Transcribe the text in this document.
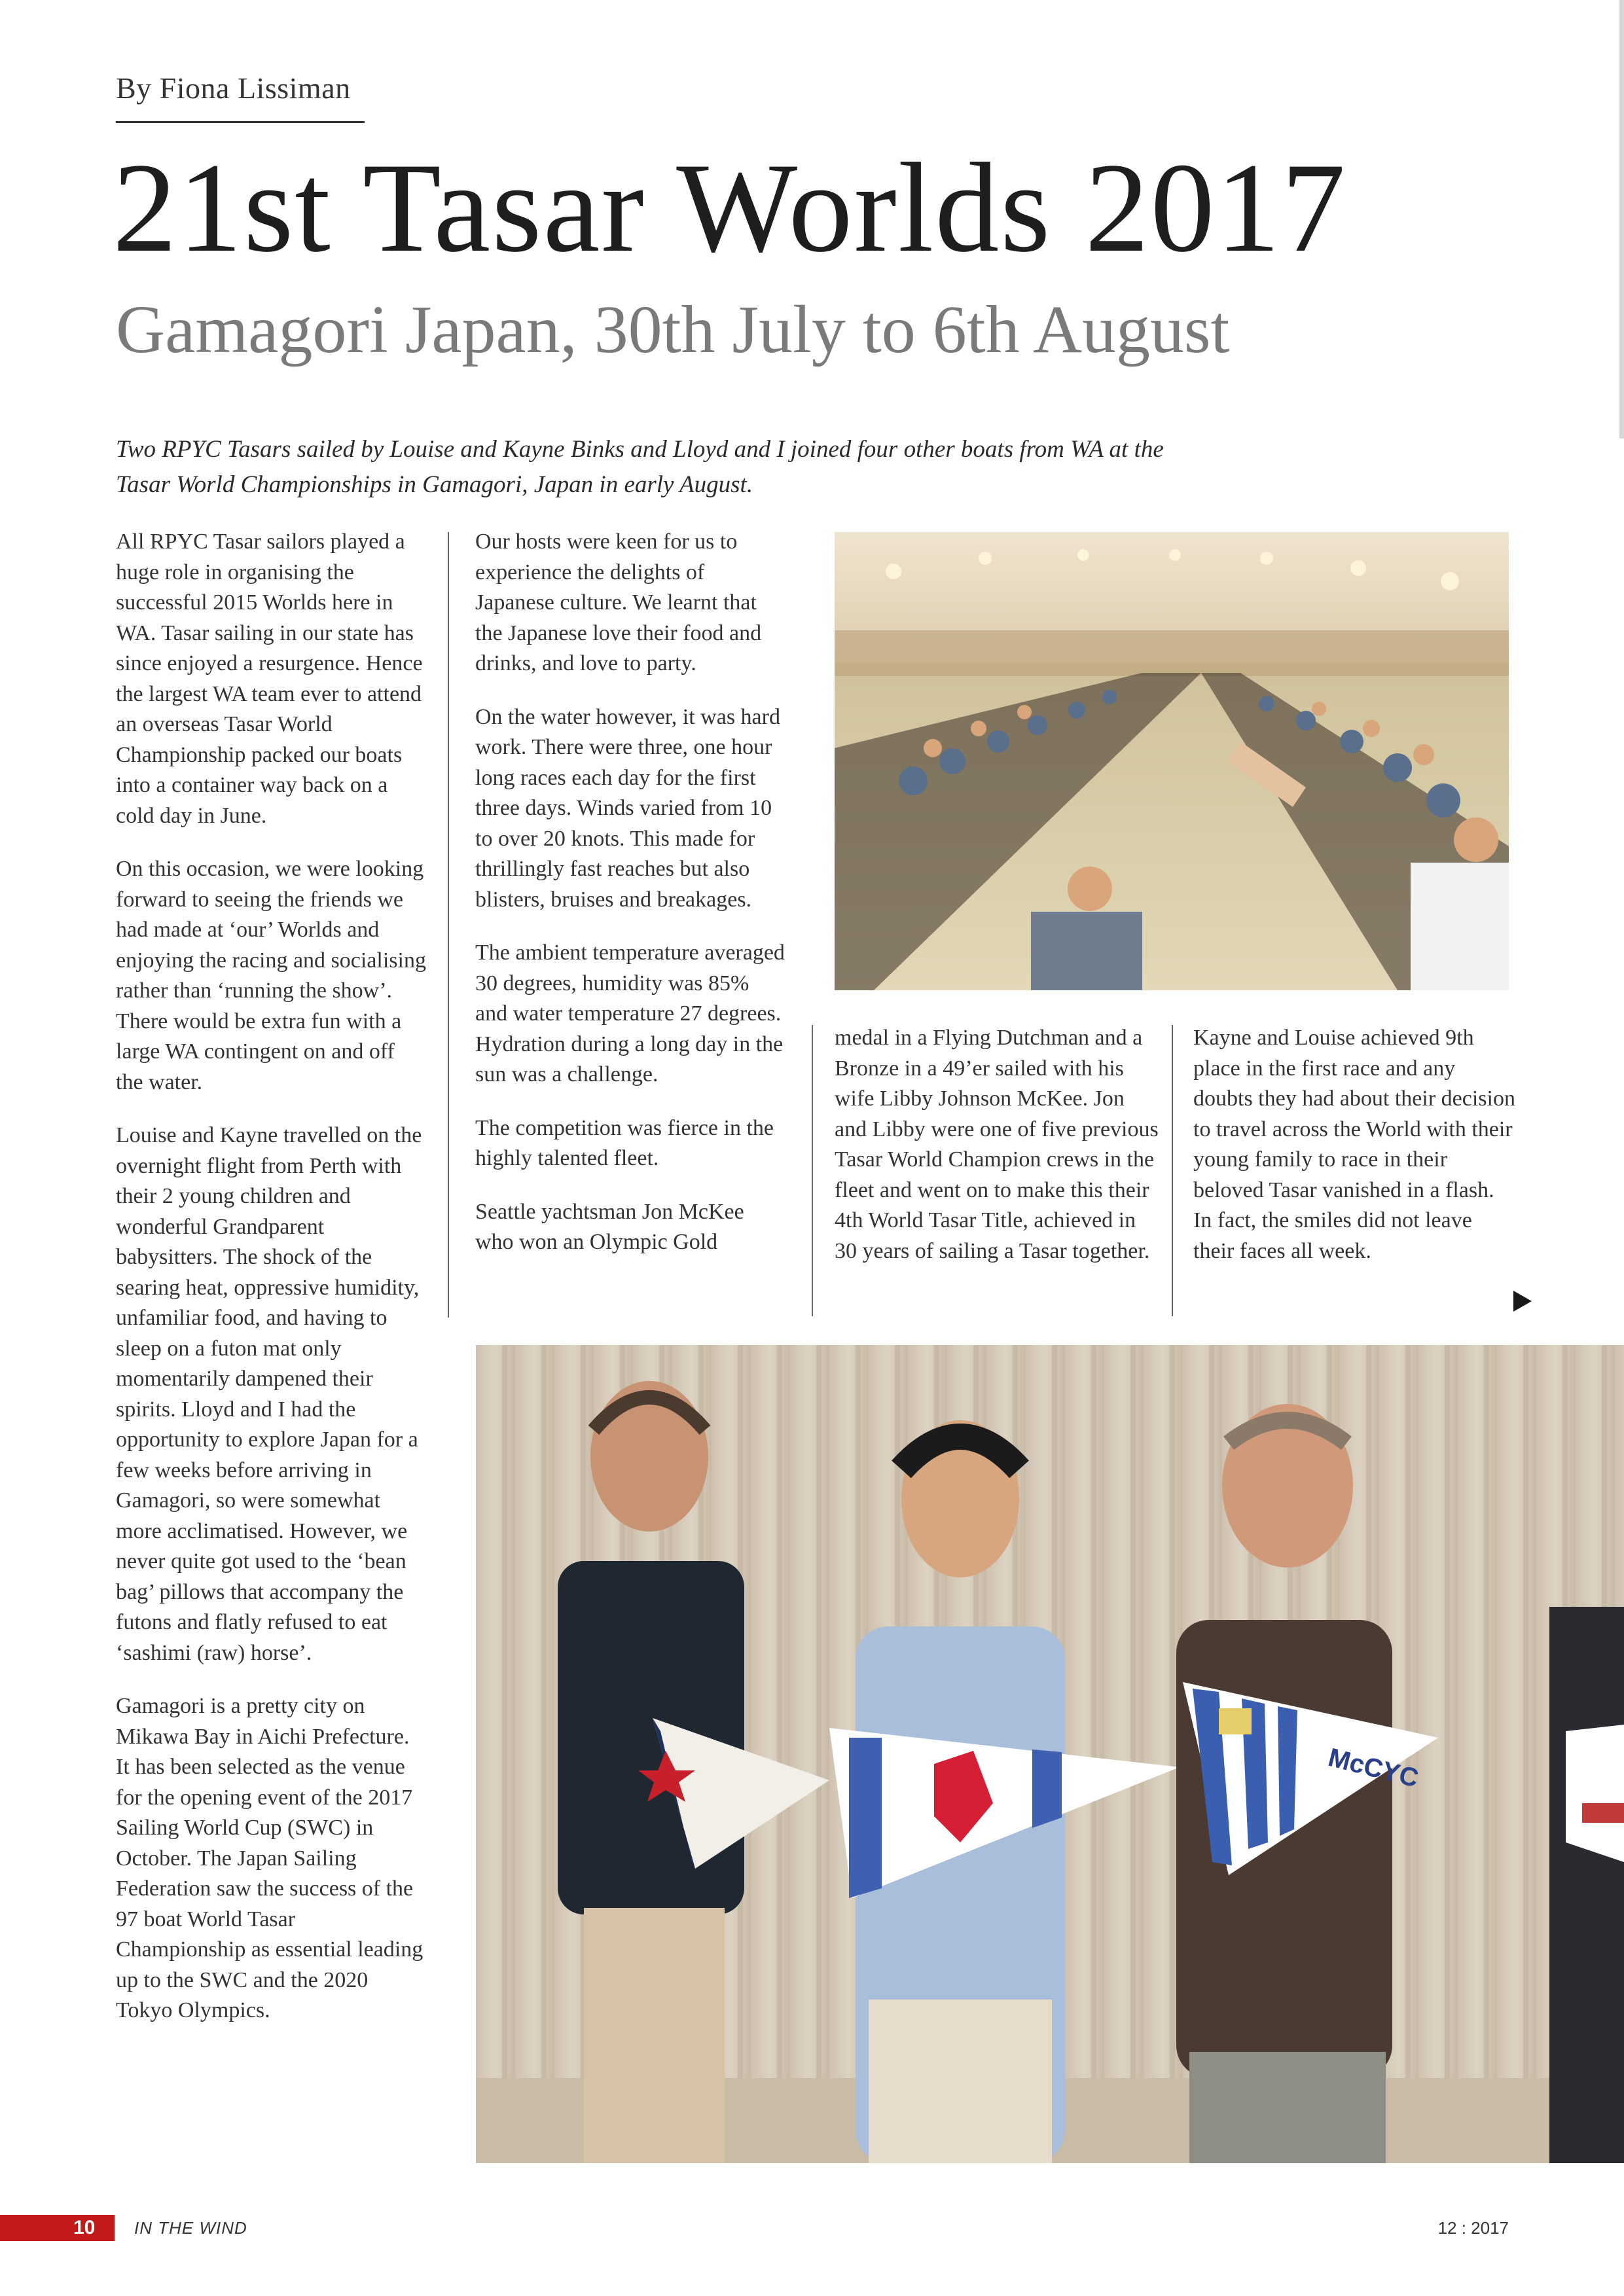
By Fiona Lissiman
21st Tasar Worlds 2017
Gamagori Japan, 30th July to 6th August
Two RPYC Tasars sailed by Louise and Kayne Binks and Lloyd and I joined four other boats from WA at the Tasar World Championships in Gamagori, Japan in early August.

All RPYC Tasar sailors played a huge role in organising the successful 2015 Worlds here in WA. Tasar sailing in our state has since enjoyed a resurgence. Hence the largest WA team ever to attend an overseas Tasar World Championship packed our boats into a container way back on a cold day in June.

On this occasion, we were looking forward to seeing the friends we had made at ‘our’ Worlds and enjoying the racing and socialising rather than ‘running the show’. There would be extra fun with a large WA contingent on and off the water.

Louise and Kayne travelled on the overnight flight from Perth with their 2 young children and wonderful Grandparent babysitters. The shock of the searing heat, oppressive humidity, unfamiliar food, and having to sleep on a futon mat only momentarily dampened their spirits. Lloyd and I had the opportunity to explore Japan for a few weeks before arriving in Gamagori, so were somewhat more acclimatised. However, we never quite got used to the ‘bean bag’ pillows that accompany the futons and flatly refused to eat ‘sashimi (raw) horse’.

Gamagori is a pretty city on Mikawa Bay in Aichi Prefecture. It has been selected as the venue for the opening event of the 2017 Sailing World Cup (SWC) in October. The Japan Sailing Federation saw the success of the 97 boat World Tasar Championship as essential leading up to the SWC and the 2020 Tokyo Olympics.

Our hosts were keen for us to experience the delights of Japanese culture. We learnt that the Japanese love their food and drinks, and love to party.

On the water however, it was hard work. There were three, one hour long races each day for the first three days. Winds varied from 10 to over 20 knots. This made for thrillingly fast reaches but also blisters, bruises and breakages.

The ambient temperature averaged 30 degrees, humidity was 85% and water temperature 27 degrees. Hydration during a long day in the sun was a challenge.

The competition was fierce in the highly talented fleet.

Seattle yachtsman Jon McKee who won an Olympic Gold

medal in a Flying Dutchman and a Bronze in a 49’er sailed with his wife Libby Johnson McKee. Jon and Libby were one of five previous Tasar World Champion crews in the fleet and went on to make this their 4th World Tasar Title, achieved in 30 years of sailing a Tasar together.

Kayne and Louise achieved 9th place in the first race and any doubts they had about their decision to travel across the World with their young family to race in their beloved Tasar vanished in a flash. In fact, the smiles did not leave their faces all week.

McCYC
10	IN THE WIND	12 : 2017
